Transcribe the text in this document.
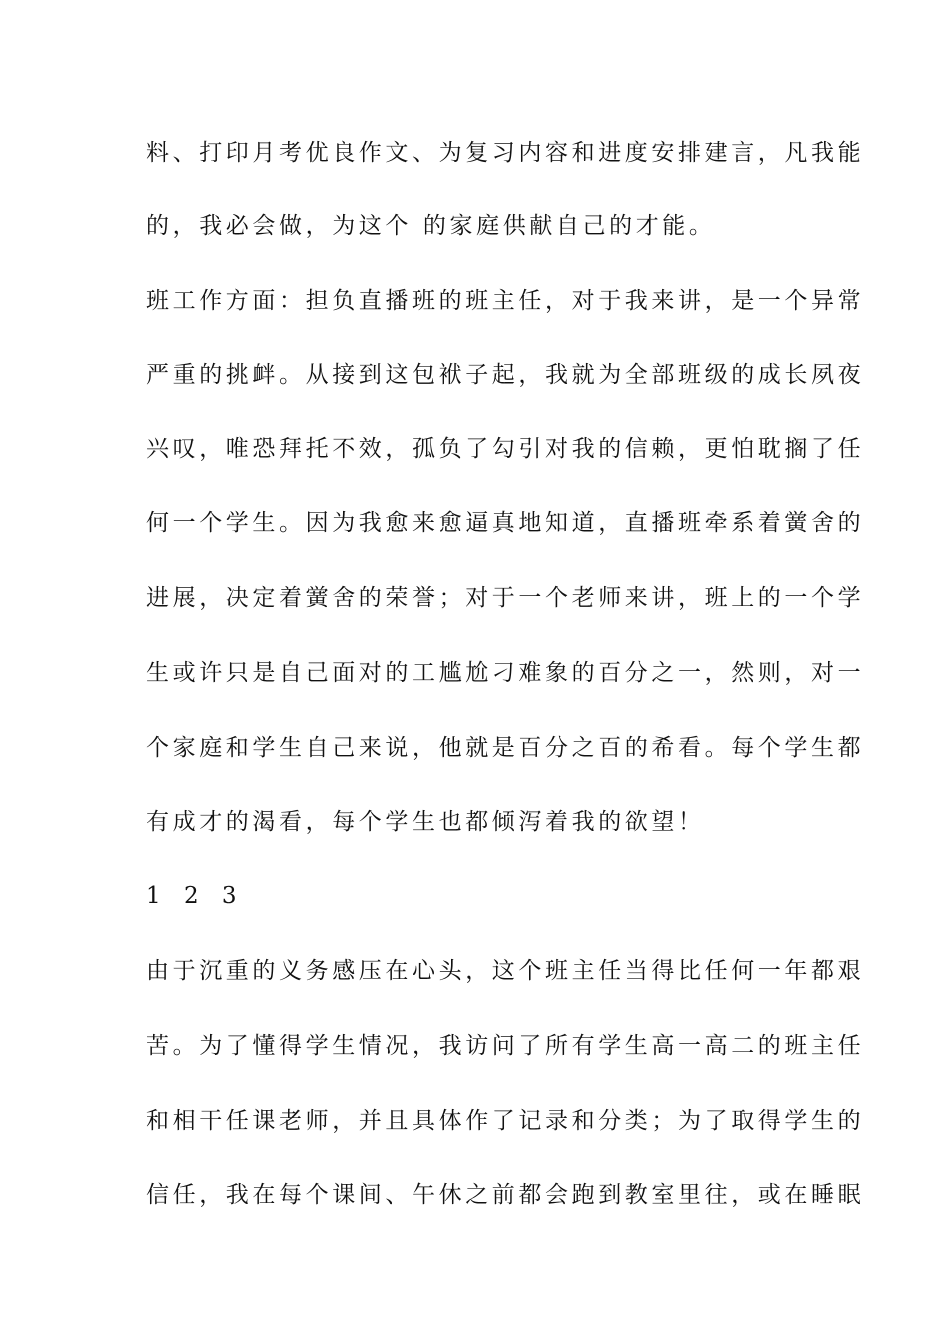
料、打印月考优良作文、为复习内容和进度安排建言，凡我能

的，我必会做，为这个 的家庭供献自己的才能。

班工作方面：担负直播班的班主任，对于我来讲，是一个异常

严重的挑衅。从接到这包袱子起，我就为全部班级的成长夙夜

兴叹，唯恐拜托不效，孤负了勾引对我的信赖，更怕耽搁了任

何一个学生。因为我愈来愈逼真地知道，直播班牵系着黉舍的

进展，决定着黉舍的荣誉；对于一个老师来讲，班上的一个学

生或许只是自己面对的工尴尬刁难象的百分之一，然则，对一

个家庭和学生自己来说，他就是百分之百的希看。每个学生都

有成才的渴看，每个学生也都倾泻着我的欲望！

1 2 3

由于沉重的义务感压在心头，这个班主任当得比任何一年都艰

苦。为了懂得学生情况，我访问了所有学生高一高二的班主任

和相干任课老师，并且具体作了记录和分类；为了取得学生的

信任，我在每个课间、午休之前都会跑到教室里往，或在睡眠
